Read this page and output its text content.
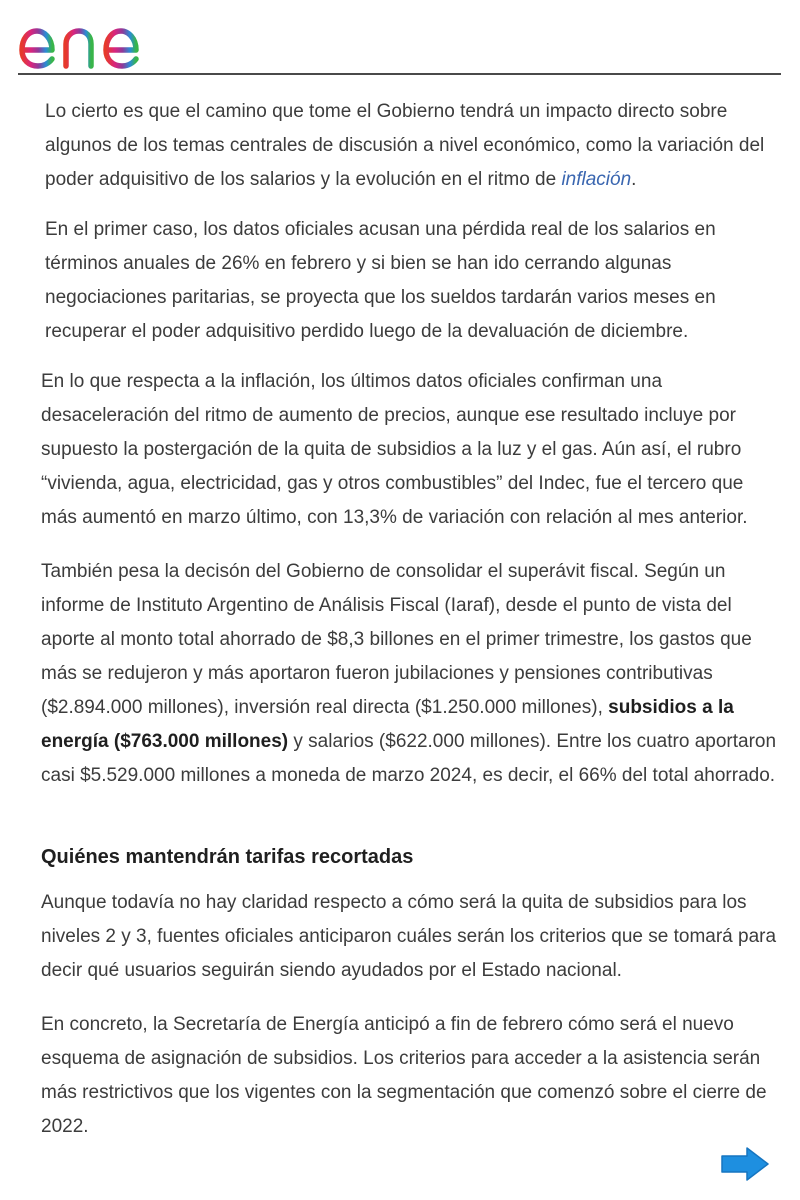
Lo cierto es que el camino que tome el Gobierno tendrá un impacto directo sobre algunos de los temas centrales de discusión a nivel económico, como la variación del poder adquisitivo de los salarios y la evolución en el ritmo de inflación.

En el primer caso, los datos oficiales acusan una pérdida real de los salarios en términos anuales de 26% en febrero y si bien se han ido cerrando algunas negociaciones paritarias, se proyecta que los sueldos tardarán varios meses en recuperar el poder adquisitivo perdido luego de la devaluación de diciembre.

En lo que respecta a la inflación, los últimos datos oficiales confirman una desaceleración del ritmo de aumento de precios, aunque ese resultado incluye por supuesto la postergación de la quita de subsidios a la luz y el gas. Aún así, el rubro “vivienda, agua, electricidad, gas y otros combustibles” del Indec, fue el tercero que más aumentó en marzo último, con 13,3% de variación con relación al mes anterior.

También pesa la decisón del Gobierno de consolidar el superávit fiscal. Según un informe de Instituto Argentino de Análisis Fiscal (Iaraf), desde el punto de vista del aporte al monto total ahorrado de $8,3 billones en el primer trimestre, los gastos que más se redujeron y más aportaron fueron jubilaciones y pensiones contributivas ($2.894.000 millones), inversión real directa ($1.250.000 millones), subsidios a la energía ($763.000 millones) y salarios ($622.000 millones). Entre los cuatro aportaron casi $5.529.000 millones a moneda de marzo 2024, es decir, el 66% del total ahorrado.

Quiénes mantendrán tarifas recortadas

Aunque todavía no hay claridad respecto a cómo será la quita de subsidios para los niveles 2 y 3, fuentes oficiales anticiparon cuáles serán los criterios que se tomará para decir qué usuarios seguirán siendo ayudados por el Estado nacional.

En concreto, la Secretaría de Energía anticipó a fin de febrero cómo será el nuevo esquema de asignación de subsidios. Los criterios para acceder a la asistencia serán más restrictivos que los vigentes con la segmentación que comenzó sobre el cierre de 2022.
